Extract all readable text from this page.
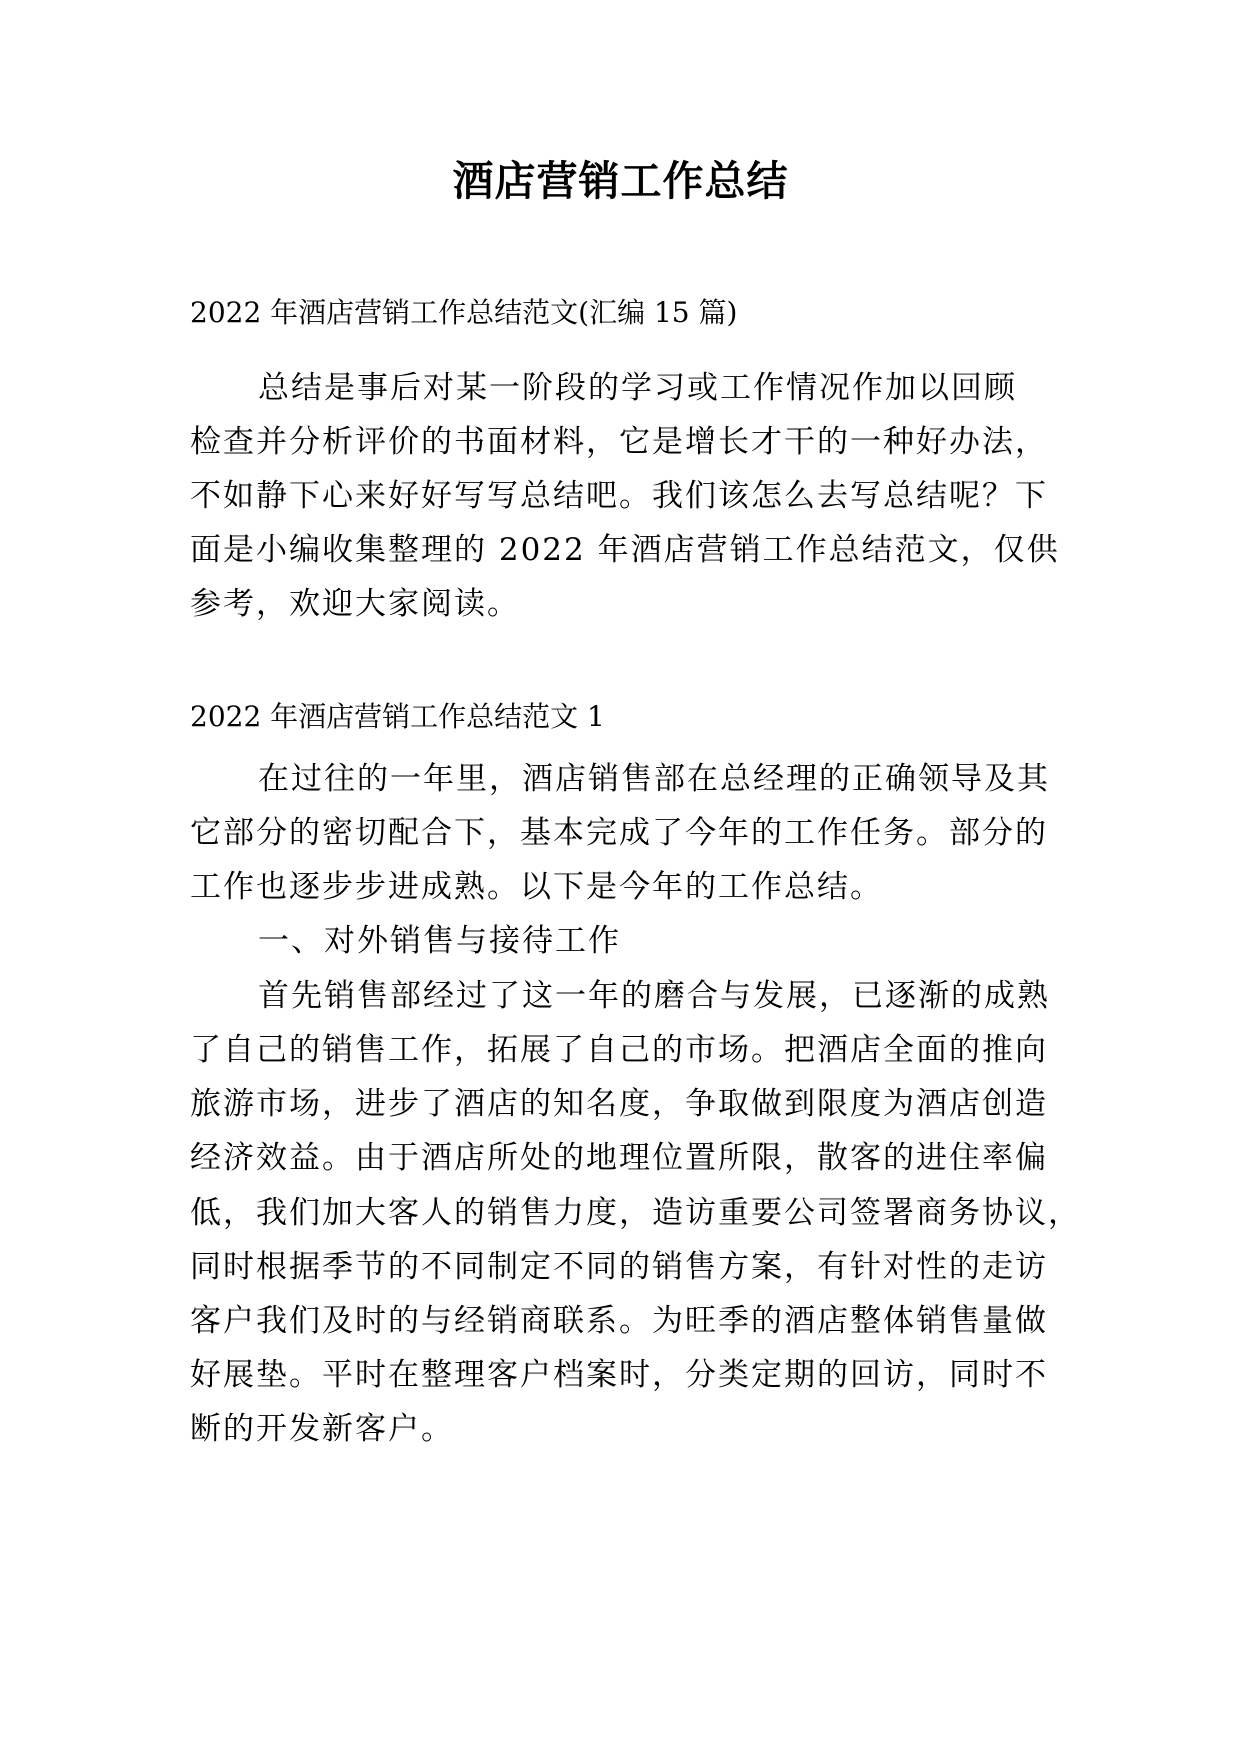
酒店营销工作总结

2022 年酒店营销工作总结范文(汇编 15 篇)

总结是事后对某一阶段的学习或工作情况作加以回顾

检查并分析评价的书面材料，它是增长才干的一种好办法，

不如静下心来好好写写总结吧。我们该怎么去写总结呢？下

面是小编收集整理的 2022 年酒店营销工作总结范文，仅供

参考，欢迎大家阅读。

2022 年酒店营销工作总结范文 1

在过往的一年里，酒店销售部在总经理的正确领导及其

它部分的密切配合下，基本完成了今年的工作任务。部分的

工作也逐步步进成熟。以下是今年的工作总结。

一、对外销售与接待工作

首先销售部经过了这一年的磨合与发展，已逐渐的成熟

了自己的销售工作，拓展了自己的市场。把酒店全面的推向

旅游市场，进步了酒店的知名度，争取做到限度为酒店创造

经济效益。由于酒店所处的地理位置所限，散客的进住率偏

低，我们加大客人的销售力度，造访重要公司签署商务协议，

同时根据季节的不同制定不同的销售方案，有针对性的走访

客户我们及时的与经销商联系。为旺季的酒店整体销售量做

好展垫。平时在整理客户档案时，分类定期的回访，同时不

断的开发新客户。
